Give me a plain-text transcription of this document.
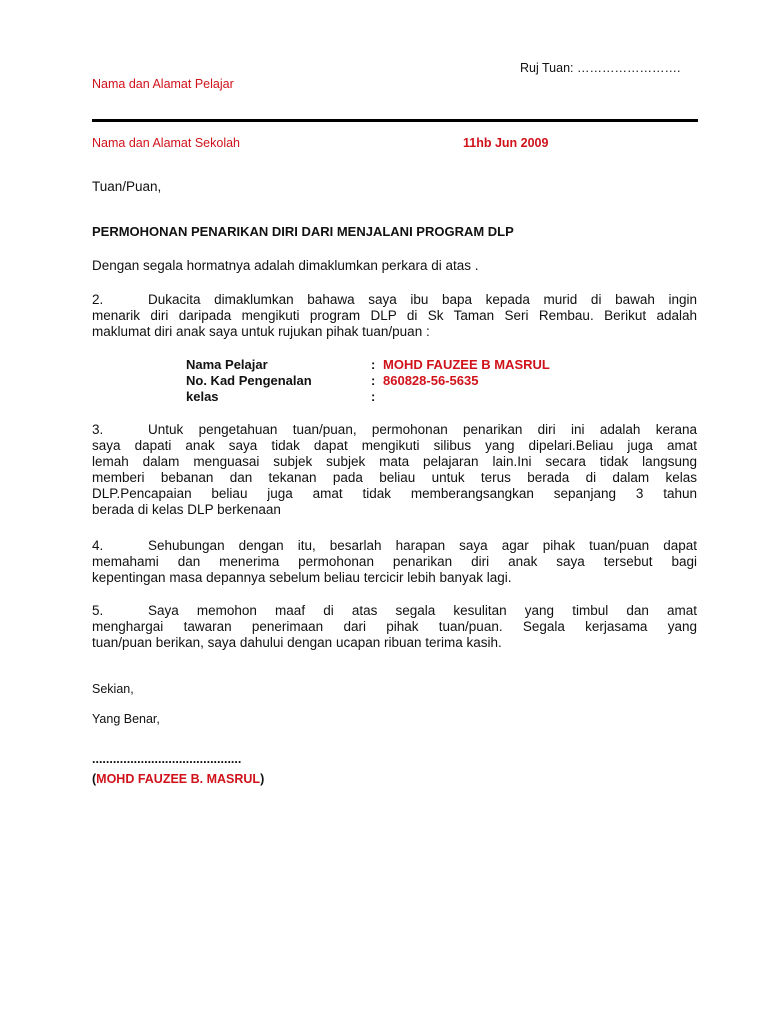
Ruj Tuan: …………………….
Nama dan Alamat Pelajar
Nama dan Alamat Sekolah	11hb Jun 2009
Tuan/Puan,
PERMOHONAN PENARIKAN DIRI DARI MENJALANI PROGRAM DLP
Dengan segala hormatnya adalah dimaklumkan perkara di atas .
2.	Dukacita dimaklumkan bahawa saya ibu bapa kepada murid di bawah ingin
menarik diri daripada mengikuti program DLP di Sk Taman Seri Rembau. Berikut adalah
maklumat diri anak saya untuk rujukan pihak tuan/puan :
Nama Pelajar	: MOHD FAUZEE B MASRUL
No. Kad Pengenalan	: 860828-56-5635
kelas	:
3.	Untuk pengetahuan tuan/puan, permohonan penarikan diri ini adalah kerana
saya dapati anak saya tidak dapat mengikuti silibus yang dipelari.Beliau juga amat
lemah dalam menguasai subjek subjek mata pelajaran lain.Ini secara tidak langsung
memberi bebanan dan tekanan pada beliau untuk terus berada di dalam kelas
DLP.Pencapaian beliau juga amat tidak memberangsangkan sepanjang 3 tahun
berada di kelas DLP berkenaan
4.	Sehubungan dengan itu, besarlah harapan saya agar pihak tuan/puan dapat
memahami dan menerima permohonan penarikan diri anak saya tersebut bagi
kepentingan masa depannya sebelum beliau tercicir lebih banyak lagi.
5.	Saya memohon maaf di atas segala kesulitan yang timbul dan amat
menghargai tawaran penerimaan dari pihak tuan/puan. Segala kerjasama yang
tuan/puan berikan, saya dahului dengan ucapan ribuan terima kasih.
Sekian,
Yang Benar,
...........................................
(MOHD FAUZEE B. MASRUL)
